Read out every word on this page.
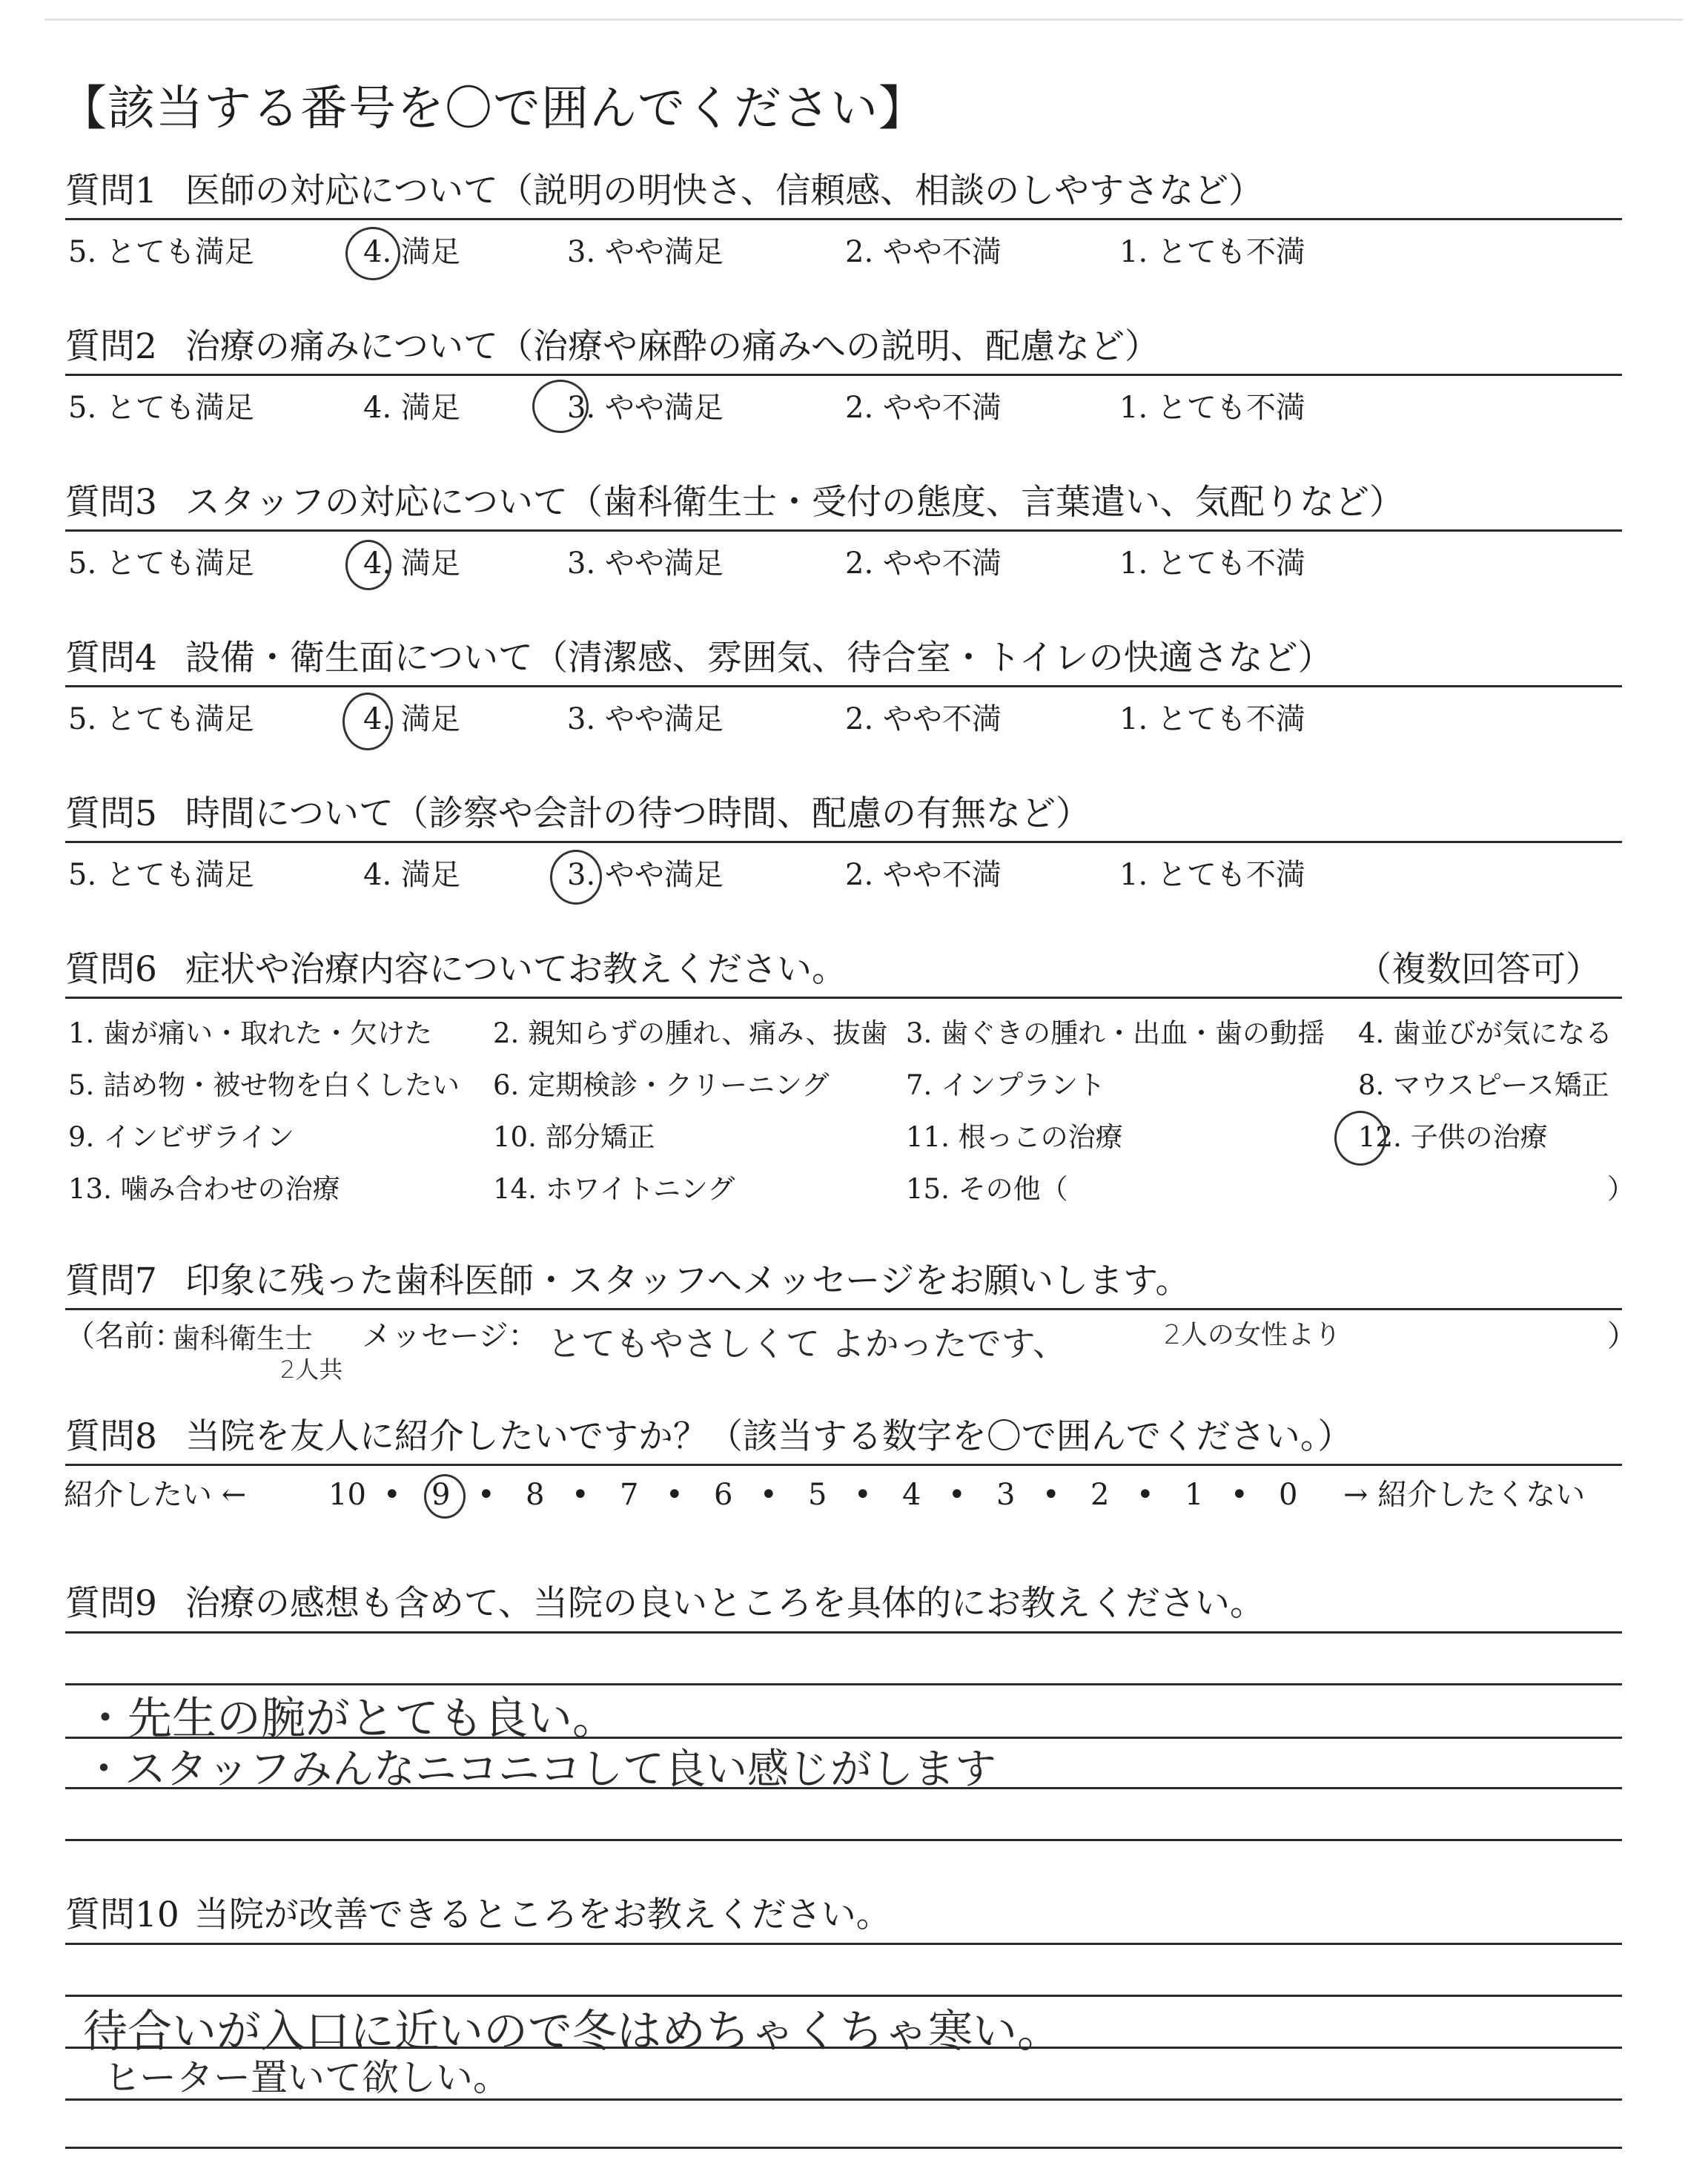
【該当する番号を〇で囲んでください】
質問1 医師の対応について（説明の明快さ、信頼感、相談のしやすさなど）
5. とても満足	4. 満足	3. やや満足	2. やや不満	1. とても不満
質問2 治療の痛みについて（治療や麻酔の痛みへの説明、配慮など）
5. とても満足	4. 満足	3. やや満足	2. やや不満	1. とても不満
質問3 スタッフの対応について（歯科衛生士・受付の態度、言葉遣い、気配りなど）
5. とても満足	4. 満足	3. やや満足	2. やや不満	1. とても不満
質問4 設備・衛生面について（清潔感、雰囲気、待合室・トイレの快適さなど）
5. とても満足	4. 満足	3. やや満足	2. やや不満	1. とても不満
質問5 時間について（診察や会計の待つ時間、配慮の有無など）
5. とても満足	4. 満足	3. やや満足	2. やや不満	1. とても不満
質問6 症状や治療内容についてお教えください。	（複数回答可）
1. 歯が痛い・取れた・欠けた 2. 親知らずの腫れ、痛み、抜歯 3. 歯ぐきの腫れ・出血・歯の動揺 4. 歯並びが気になる
5. 詰め物・被せ物を白くしたい 6. 定期検診・クリーニング	7. インプラント	8. マウスピース矯正
9. インビザライン	10. 部分矯正	11. 根っこの治療	12. 子供の治療
13. 噛み合わせの治療	14. ホワイトニング	15. その他（	）
質問7 印象に残った歯科医師・スタッフへメッセージをお願いします。
（名前：
歯科衛生士
2人共
メッセージ： とてもやさしくて よかったです、	2人の女性より	）
質問8 当院を友人に紹介したいですか？（該当する数字を〇で囲んでください。）
紹介したい ←	10 • 9 • 8 • 7 • 6 • 5 • 4 • 3 • 2 • 1 • 0 → 紹介したくない
質問9 治療の感想も含めて、当院の良いところを具体的にお教えください。
・先生の腕がとても良い。
・スタッフみんなニコニコして良い感じがします
質問10 当院が改善できるところをお教えください。
待合いが入口に近いので冬はめちゃくちゃ寒い。
ヒーター置いて欲しい。
